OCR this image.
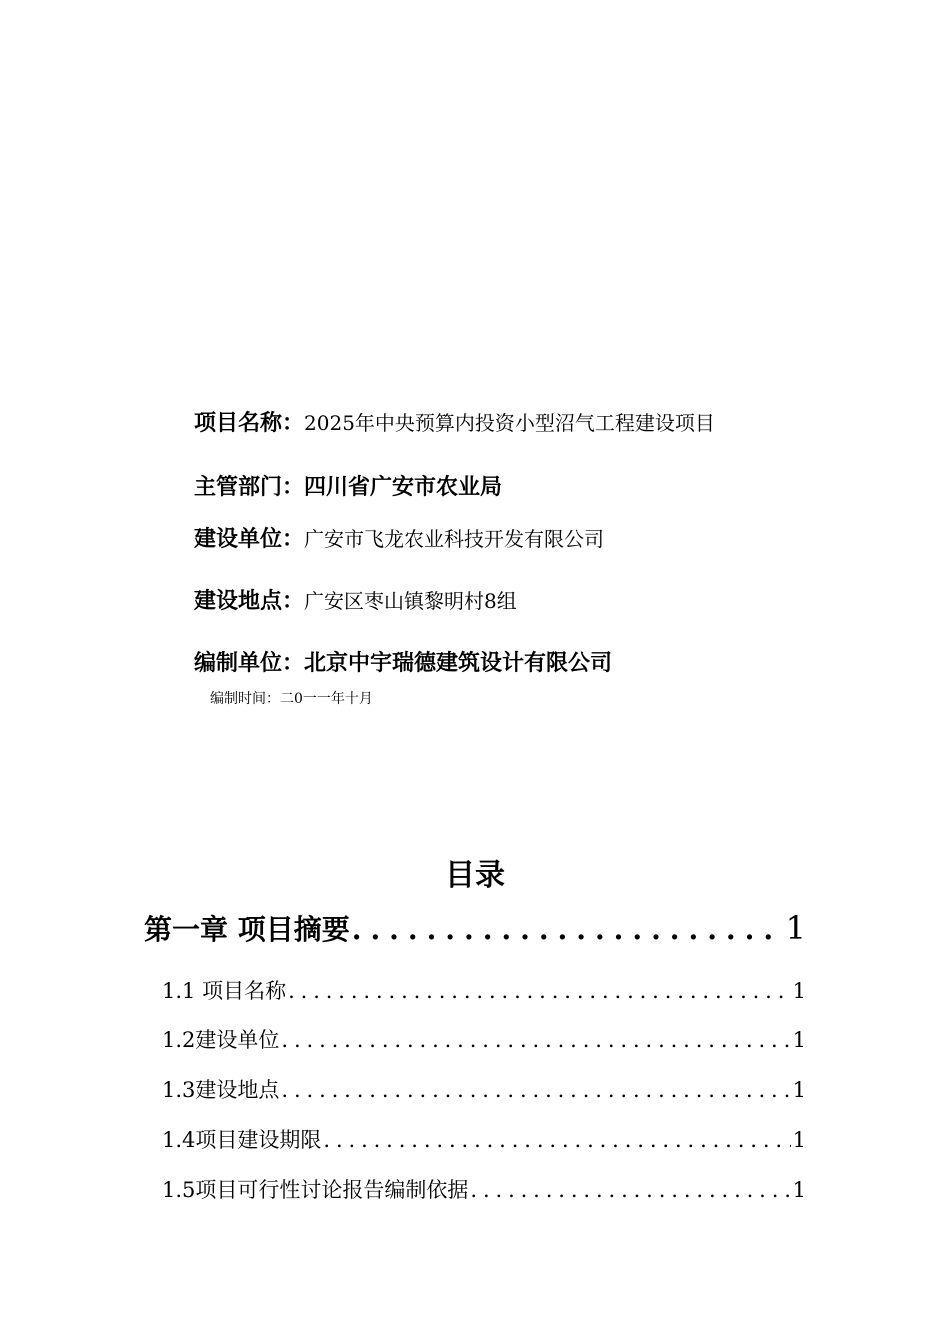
项目名称：2025年中央预算内投资小型沼气工程建设项目
主管部门：四川省广安市农业局
建设单位：广安市飞龙农业科技开发有限公司
建设地点：广安区枣山镇黎明村8组
编制单位：北京中宇瑞德建筑设计有限公司
编制时间：二0一一年十月
目录
第一章 项目摘要 .....	1
1.1 项目名称 .....	1
1.2建设单位 .....	1
1.3建设地点 .....	1
1.4项目建设期限 .....	1
1.5项目可行性讨论报告编制依据 .....	1
